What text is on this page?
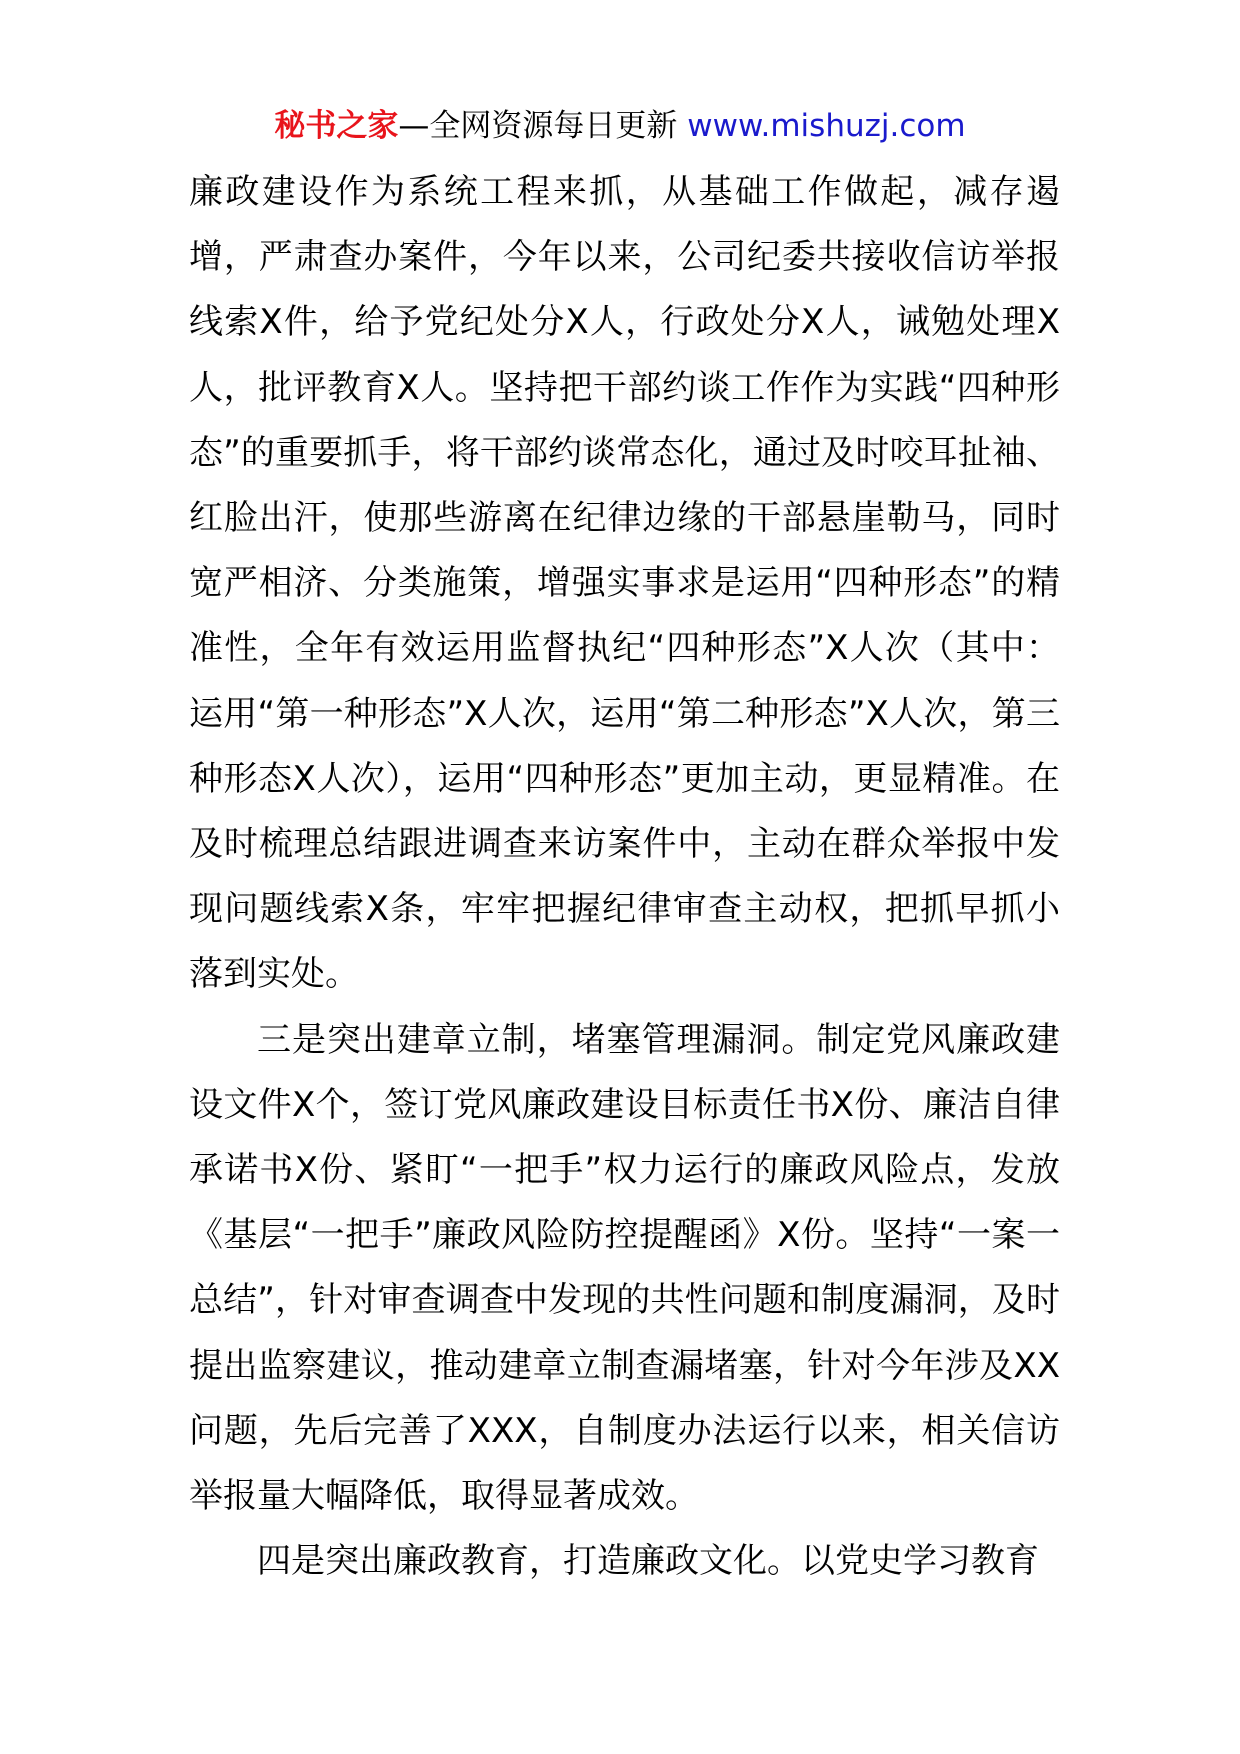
秘书之家—全网资源每日更新 www.mishuzj.com

廉政建设作为系统工程来抓，从基础工作做起，减存遏增，严肃查办案件，今年以来，公司纪委共接收信访举报线索X件，给予党纪处分X人，行政处分X人，诫勉处理X人，批评教育X人。坚持把干部约谈工作作为实践“四种形态”的重要抓手，将干部约谈常态化，通过及时咬耳扯袖、红脸出汗，使那些游离在纪律边缘的干部悬崖勒马，同时宽严相济、分类施策，增强实事求是运用“四种形态”的精准性，全年有效运用监督执纪“四种形态”X人次（其中：运用“第一种形态”X人次，运用“第二种形态”X人次，第三种形态X人次），运用“四种形态”更加主动，更显精准。在及时梳理总结跟进调查来访案件中，主动在群众举报中发现问题线索X条，牢牢把握纪律审查主动权，把抓早抓小落到实处。

三是突出建章立制，堵塞管理漏洞。制定党风廉政建设文件X个，签订党风廉政建设目标责任书X份、廉洁自律承诺书X份、紧盯“一把手”权力运行的廉政风险点，发放《基层“一把手”廉政风险防控提醒函》X份。坚持“一案一总结”，针对审查调查中发现的共性问题和制度漏洞，及时提出监察建议，推动建章立制查漏堵塞，针对今年涉及XX问题，先后完善了XXX，自制度办法运行以来，相关信访举报量大幅降低，取得显著成效。

四是突出廉政教育，打造廉政文化。以党史学习教育
